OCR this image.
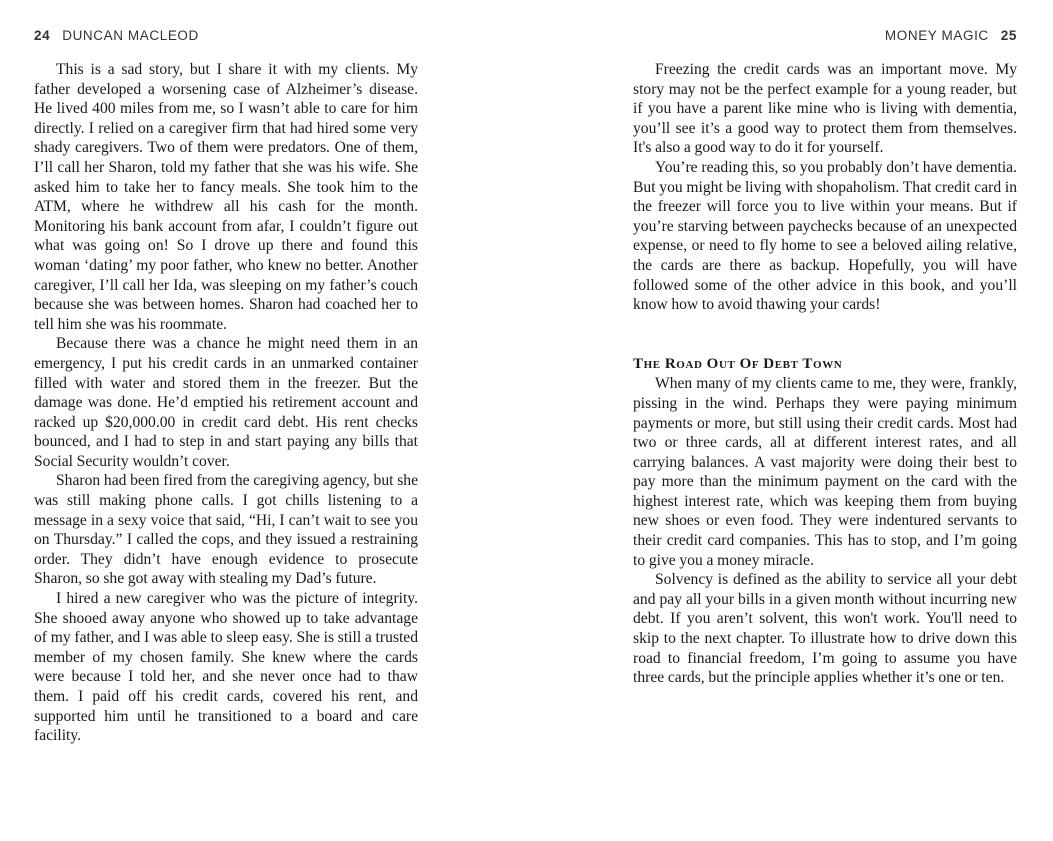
24 DUNCAN MACLEOD

This is a sad story, but I share it with my clients. My father developed a worsening case of Alzheimer’s disease. He lived 400 miles from me, so I wasn’t able to care for him directly. I relied on a caregiver firm that had hired some very shady caregivers. Two of them were predators. One of them, I’ll call her Sharon, told my father that she was his wife. She asked him to take her to fancy meals. She took him to the ATM, where he withdrew all his cash for the month. Monitoring his bank account from afar, I couldn’t figure out what was going on! So I drove up there and found this woman ‘dating’ my poor father, who knew no better. Another caregiver, I’ll call her Ida, was sleeping on my father’s couch because she was between homes. Sharon had coached her to tell him she was his roommate.

Because there was a chance he might need them in an emergency, I put his credit cards in an unmarked container filled with water and stored them in the freezer. But the damage was done. He’d emptied his retirement account and racked up $20,000.00 in credit card debt. His rent checks bounced, and I had to step in and start paying any bills that Social Security wouldn’t cover.

Sharon had been fired from the caregiving agency, but she was still making phone calls. I got chills listening to a message in a sexy voice that said, “Hi, I can’t wait to see you on Thursday.” I called the cops, and they issued a restraining order. They didn’t have enough evidence to prosecute Sharon, so she got away with stealing my Dad’s future.

I hired a new caregiver who was the picture of integrity. She shooed away anyone who showed up to take advantage of my father, and I was able to sleep easy. She is still a trusted member of my chosen family. She knew where the cards were because I told her, and she never once had to thaw them. I paid off his credit cards, covered his rent, and supported him until he transitioned to a board and care facility.

MONEY MAGIC 25

Freezing the credit cards was an important move. My story may not be the perfect example for a young reader, but if you have a parent like mine who is living with dementia, you’ll see it’s a good way to protect them from themselves. It's also a good way to do it for yourself.

You’re reading this, so you probably don’t have dementia. But you might be living with shopaholism. That credit card in the freezer will force you to live within your means. But if you’re starving between paychecks because of an unexpected expense, or need to fly home to see a beloved ailing relative, the cards are there as backup. Hopefully, you will have followed some of the other advice in this book, and you’ll know how to avoid thawing your cards!

The Road Out Of Debt Town

When many of my clients came to me, they were, frankly, pissing in the wind. Perhaps they were paying minimum payments or more, but still using their credit cards. Most had two or three cards, all at different interest rates, and all carrying balances. A vast majority were doing their best to pay more than the minimum payment on the card with the highest interest rate, which was keeping them from buying new shoes or even food. They were indentured servants to their credit card companies. This has to stop, and I’m going to give you a money miracle.

Solvency is defined as the ability to service all your debt and pay all your bills in a given month without incurring new debt. If you aren’t solvent, this won't work. You'll need to skip to the next chapter. To illustrate how to drive down this road to financial freedom, I’m going to assume you have three cards, but the principle applies whether it’s one or ten.
